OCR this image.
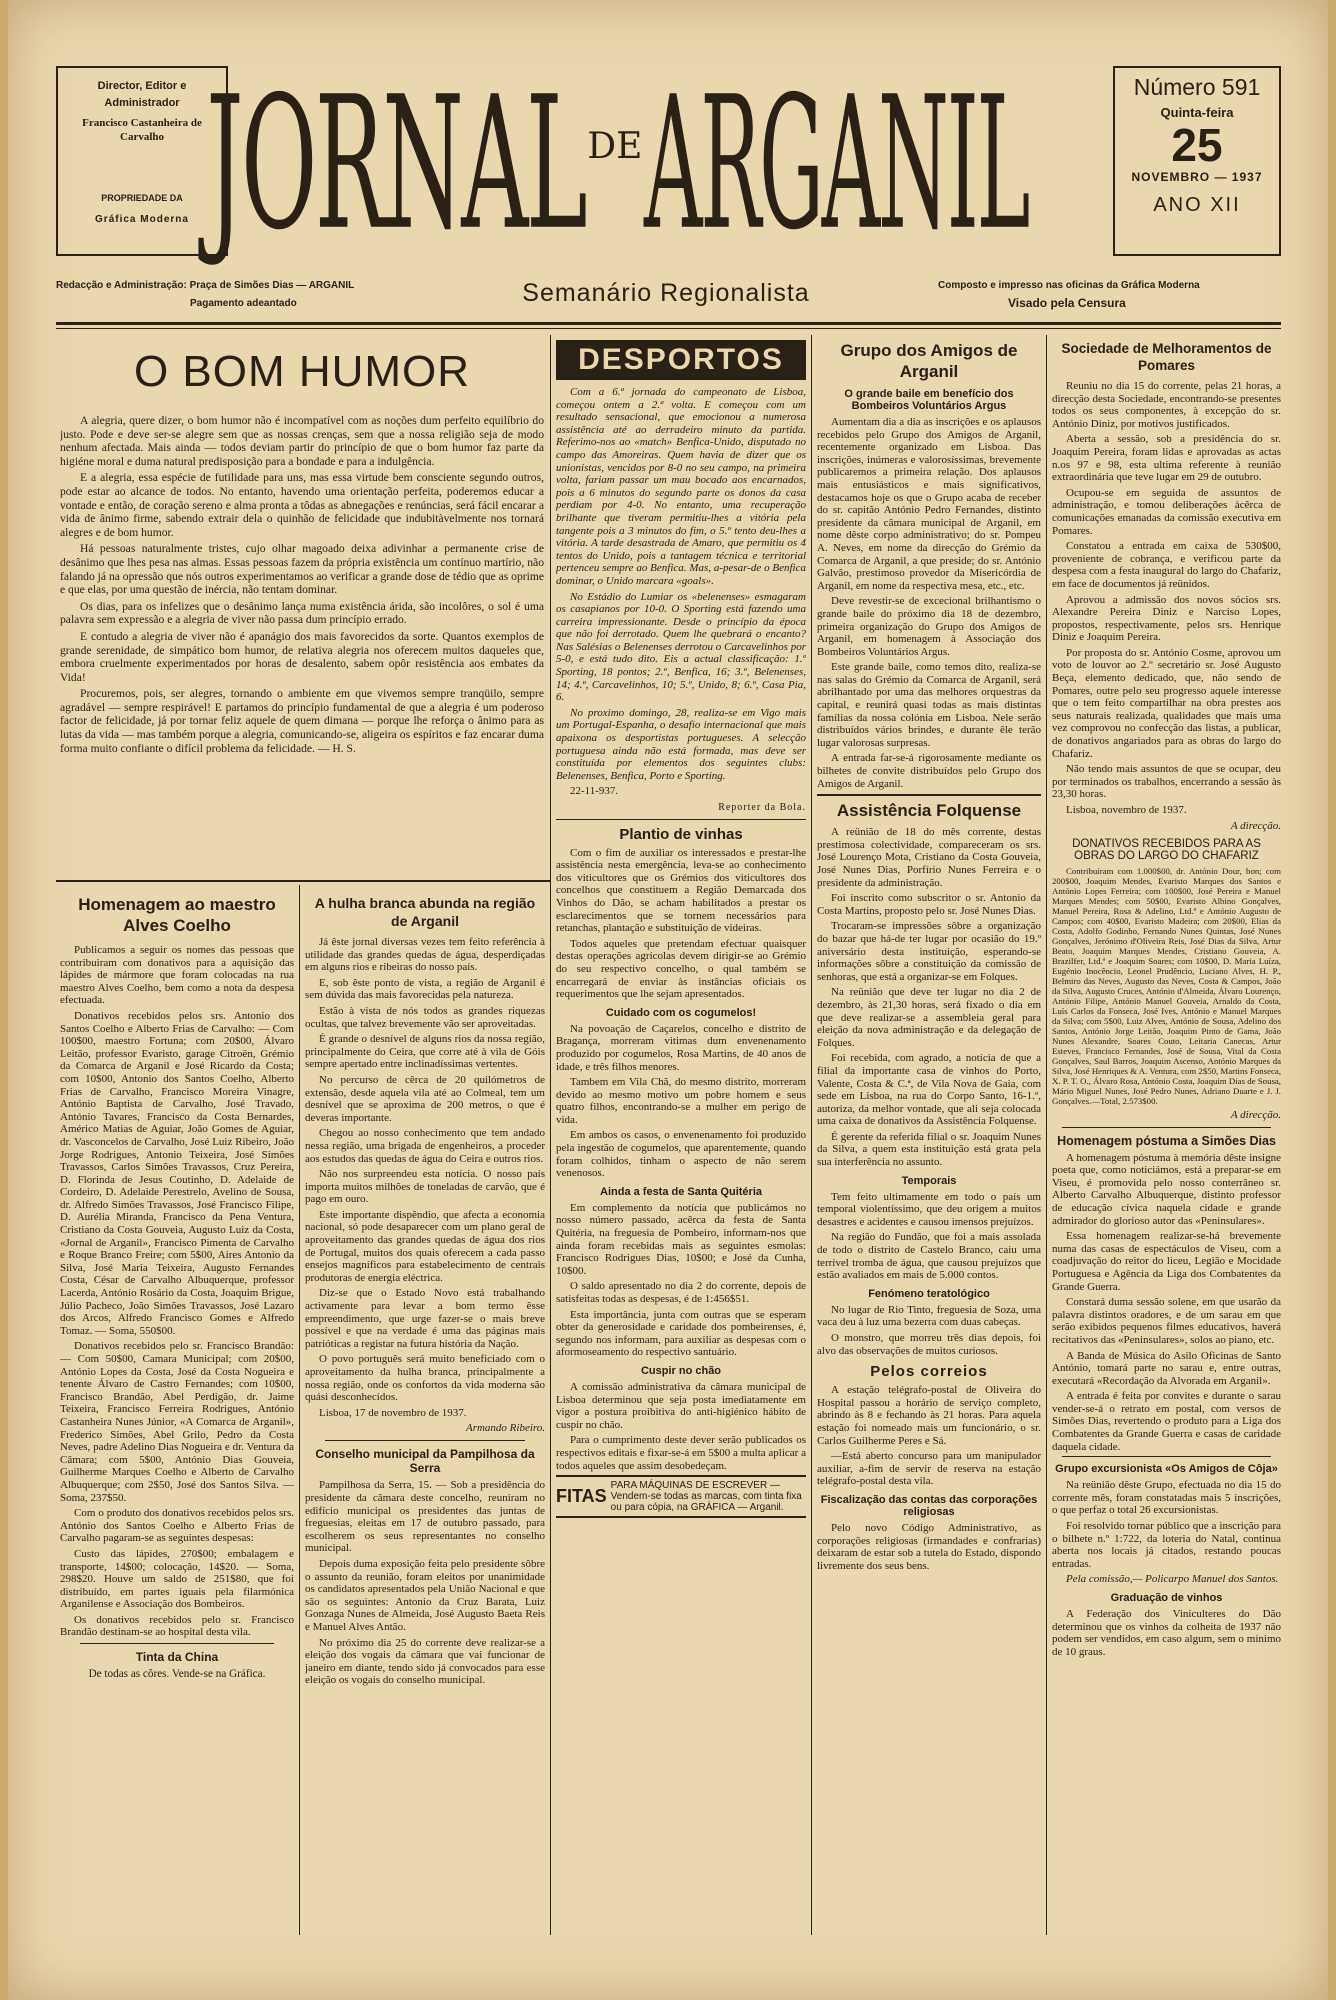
Director, Editor e Administrador
Francisco Castanheira de Carvalho
PROPRIEDADE DA
Gráfica Moderna JORNAL DE ARGANIL	Número 591
Quinta-feira
25
NOVEMBRO — 1937
ANO XII
Redacção e Administração: Praça de Simões Dias — ARGANIL
Pagamento adeantado	Semanário Regionalista	Composto e impresso nas oficinas da Gráfica Moderna
Visado pela Censura
O BOM HUMOR

A alegria, quere dizer, o bom humor não é incompatível com as noções dum perfeito equilíbrio do justo. Pode e deve ser-se alegre sem que as nossas crenças, sem que a nossa religião seja de modo nenhum afectada. Mais ainda — todos deviam partir do princípio de que o bom humor faz parte da higiéne moral e duma natural predisposição para a bondade e para a indulgência.

E a alegria, essa espécie de futilidade para uns, mas essa virtude bem consciente segundo outros, pode estar ao alcance de todos. No entanto, havendo uma orientação perfeita, poderemos educar a vontade e então, de coração sereno e alma pronta a tôdas as abnegações e renúncias, será fácil encarar a vida de ânimo firme, sabendo extrair dela o quinhão de felicidade que indubitàvelmente nos tornará alegres e de bom humor.

Há pessoas naturalmente tristes, cujo olhar magoado deixa adivinhar a permanente crise de desânimo que lhes pesa nas almas. Essas pessoas fazem da própria existência um contínuo martírio, não falando já na opressão que nós outros experimentamos ao verificar a grande dose de tédio que as oprime e que elas, por uma questão de inércia, não tentam dominar.

Os dias, para os infelizes que o desânimo lança numa existência árida, são incolôres, o sol é uma palavra sem expressão e a alegria de viver não passa dum princípio errado.

E contudo a alegria de viver não é apanágio dos mais favorecidos da sorte. Quantos exemplos de grande serenidade, de simpático bom humor, de relativa alegria nos oferecem muitos daqueles que, embora cruelmente experimentados por horas de desalento, sabem opôr resistência aos embates da Vida!

Procuremos, pois, ser alegres, tornando o ambiente em que vivemos sempre tranqüilo, sempre agradável — sempre respirável! E partamos do princípio fundamental de que a alegria é um poderoso factor de felicidade, já por tornar feliz aquele de quem dimana — porque lhe reforça o ânimo para as lutas da vida — mas também porque a alegria, comunicando-se, aligeira os espíritos e faz encarar duma forma muito confiante o difícil problema da felicidade. — H. S.

Homenagem ao maestro Alves Coelho

Publicamos a seguir os nomes das pessoas que contribuiram com donativos para a aquisição das lápides de mármore que foram colocadas na rua maestro Alves Coelho, bem como a nota da despesa efectuada.

Donativos recebidos pelos srs. Antonio dos Santos Coelho e Alberto Frias de Carvalho: — Com 100$00, maestro Fortuna; com 20$00, Álvaro Leitão, professor Evaristo, garage Citroën, Grémio da Comarca de Arganil e José Ricardo da Costa; com 10$00, Antonio dos Santos Coelho, Alberto Frias de Carvalho, Francisco Moreira Vinagre, António Baptista de Carvalho, José Travado, António Tavares, Francisco da Costa Bernardes, Américo Matias de Aguiar, João Gomes de Aguiar, dr. Vasconcelos de Carvalho, José Luiz Ribeiro, João Jorge Rodrigues, Antonio Teixeira, José Simões Travassos, Carlos Simões Travassos, Cruz Pereira, D. Florinda de Jesus Coutinho, D. Adelaide de Cordeiro, D. Adelaide Perestrelo, Avelino de Sousa, dr. Alfredo Simões Travassos, José Francisco Filipe, D. Aurélia Miranda, Francisco da Pena Ventura, Cristiano da Costa Gouveia, Augusto Luiz da Costa, «Jornal de Arganil», Francisco Pimenta de Carvalho e Roque Branco Freire; com 5$00, Aires Antonio da Silva, José Maria Teixeira, Augusto Fernandes Costa, César de Carvalho Albuquerque, professor Lacerda, António Rosário da Costa, Joaquim Brigue, Júlio Pacheco, João Simões Travassos, José Lazaro dos Arcos, Alfredo Francisco Gomes e Alfredo Tomaz. — Soma, 550$00.

Donativos recebidos pelo sr. Francisco Brandão: — Com 50$00, Camara Municipal; com 20$00, António Lopes da Costa, José da Costa Nogueira e tenente Álvaro de Castro Fernandes; com 10$00, Francisco Brandão, Abel Perdigão, dr. Jaime Teixeira, Francisco Ferreira Rodrigues, António Castanheira Nunes Júnior, «A Comarca de Arganil», Frederico Simões, Abel Grilo, Pedro da Costa Neves, padre Adelino Dias Nogueira e dr. Ventura da Câmara; com 5$00, António Dias Gouveia, Guilherme Marques Coelho e Alberto de Carvalho Albuquerque; com 2$50, José dos Santos Silva. — Soma, 237$50.

Com o produto dos donativos recebidos pelos srs. António dos Santos Coelho e Alberto Frias de Carvalho pagaram-se as seguintes despesas:

Custo das lápides, 270$00; embalagem e transporte, 14$00; colocação, 14$20. — Soma, 298$20. Houve um saldo de 251$80, que foi distribuído, em partes iguais pela filarmónica Arganilense e Associação dos Bombeiros.

Os donativos recebidos pelo sr. Francisco Brandão destinam-se ao hospital desta vila.

Tinta da China
De todas as côres. Vende-se na Gráfica.
A hulha branca abunda na região de Arganil

Já êste jornal diversas vezes tem feito referência à utilidade das grandes quedas de água, desperdiçadas em alguns rios e ribeiras do nosso país.

E, sob êste ponto de vista, a região de Arganil é sem dúvida das mais favorecidas pela natureza.

Estão à vista de nós todos as grandes riquezas ocultas, que talvez brevemente vão ser aproveitadas.

É grande o desnível de alguns rios da nossa região, principalmente do Ceira, que corre até à vila de Góis sempre apertado entre inclinadíssimas vertentes.

No percurso de cêrca de 20 quilómetros de extensão, desde aquela vila até ao Colmeal, tem um desnível que se aproxima de 200 metros, o que é deveras importante.

Chegou ao nosso conhecimento que tem andado nessa região, uma brigada de engenheiros, a proceder aos estudos das quedas de água do Ceira e outros rios.

Não nos surpreendeu esta notícia. O nosso país importa muitos milhões de toneladas de carvão, que é pago em ouro.

Este importante dispêndio, que afecta a economia nacional, só pode desaparecer com um plano geral de aproveitamento das grandes quedas de água dos rios de Portugal, muitos dos quais oferecem a cada passo ensejos magníficos para estabelecimento de centrais produtoras de energia eléctrica.

Diz-se que o Estado Novo está trabalhando activamente para levar a bom termo êsse empreendimento, que urge fazer-se o mais breve possível e que na verdade é uma das páginas mais patrióticas a registar na futura história da Nação.

O povo português será muito beneficiado com o aproveitamento da hulha branca, principalmente a nossa região, onde os confortos da vida moderna são quási desconhecidos.

Lisboa, 17 de novembro de 1937.

Armando Ribeiro.
Conselho municipal da Pampilhosa da Serra

Pampilhosa da Serra, 15. — Sob a presidência do presidente da câmara deste concelho, reuniram no edifício municipal os presidentes das juntas de freguesias, eleitas em 17 de outubro passado, para escolherem os seus representantes no conselho municipal.

Depois duma exposição feita pelo presidente sôbre o assunto da reunião, foram eleitos por unanimidade os candidatos apresentados pela União Nacional e que são os seguintes: Antonio da Cruz Barata, Luiz Gonzaga Nunes de Almeida, José Augusto Baeta Reis e Manuel Alves Antão.

No próximo dia 25 do corrente deve realizar-se a eleição dos vogais da câmara que vai funcionar de janeiro em diante, tendo sido já convocados para esse eleição os vogais do conselho municipal.

DESPORTOS

Com a 6.ª jornada do campeonato de Lisboa, começou ontem a 2.ª volta. E começou com um resultado sensacional, que emocionou a numerosa assistência até ao derradeiro minuto da partida. Referimo-nos ao «match» Benfica-Unido, disputado no campo das Amoreiras. Quem havia de dizer que os unionistas, vencidos por 8-0 no seu campo, na primeira volta, fariam passar um mau bocado aos encarnados, pois a 6 minutos do segundo parte os donos da casa perdiam por 4-0. No entanto, uma recuperação brilhante que tiveram permitiu-lhes a vitória pela tangente pois a 3 minutos do fim, o 5.º tento deu-lhes a vitória. A tarde desastrada de Amaro, que permitiu os 4 tentos do Unido, pois a tantagem técnica e territorial pertenceu sempre ao Benfica. Mas, a-pesar-de o Benfica dominar, o Unido marcara «goals».

No Estádio do Lumiar os «belenenses» esmagaram os casapianos por 10-0. O Sporting está fazendo uma carreira impressionante. Desde o princípio da época que não foi derrotado. Quem lhe quebrará o encanto? Nas Salésias o Belenenses derrotou o Carcavelinhos por 5-0, e está tudo dito. Eis a actual classificação: 1.º Sporting, 18 pontos; 2.º, Benfica, 16; 3.º, Belenenses, 14; 4.º, Carcavelinhos, 10; 5.º, Unido, 8; 6.º, Casa Pia, 6.

No proximo domingo, 28, realiza-se em Vigo mais um Portugal-Espanha, o desafio internacional que mais apaixona os desportistas portugueses. A selecção portuguesa ainda não está formada, mas deve ser constituída por elementos dos seguintes clubs: Belenenses, Benfica, Porto e Sporting.

22-11-937.
Reporter da Bola.
Plantio de vinhas

Com o fim de auxiliar os interessados e prestar-lhe assistência nesta emergência, leva-se ao conhecimento dos viticultores que os Grémios dos viticultores dos concelhos que constituem a Região Demarcada dos Vinhos do Dão, se acham habilitados a prestar os esclarecimentos que se tornem necessários para retanchas, plantação e substituição de videiras.

Todos aqueles que pretendam efectuar quaisquer destas operações agrícolas devem dirigir-se ao Grémio do seu respectivo concelho, o qual também se encarregará de enviar às instâncias oficiais os requerimentos que lhe sejam apresentados.

Cuidado com os cogumelos!

Na povoação de Caçarelos, concelho e distrito de Bragança, morreram vitimas dum envenenamento produzido por cogumelos, Rosa Martins, de 40 anos de idade, e três filhos menores.

Tambem em Vila Chã, do mesmo distrito, morreram devido ao mesmo motivo um pobre homem e seus quatro filhos, encontrando-se a mulher em perigo de vida.

Em ambos os casos, o envenenamento foi produzido pela ingestão de cogumelos, que aparentemente, quando foram colhidos, tinham o aspecto de não serem venenosos.

Ainda a festa de Santa Quitéria

Em complemento da notícia que publicámos no nosso número passado, acêrca da festa de Santa Quitéria, na freguesia de Pombeiro, informam-nos que ainda foram recebidas mais as seguintes esmolas: Francisco Rodrigues Dias, 10$00; e José da Cunha, 10$00.

O saldo apresentado no dia 2 do corrente, depois de satisfeitas todas as despesas, é de 1:456$51.

Esta importância, junta com outras que se esperam obter da generosidade e caridade dos pombeirenses, é, segundo nos informam, para auxiliar as despesas com o aformoseamento do respectivo santuário.

Cuspir no chão

A comissão administrativa da câmara municipal de Lisboa determinou que seja posta imediatamente em vigor a postura proibitiva do anti-higiénico hábito de cuspir no chão.

Para o cumprimento deste dever serão publicados os respectivos editais e fixar-se-á em 5$00 a multa aplicar a todos aqueles que assim desobedeçam.

FITAS
PARA MÁQUINAS DE ESCREVER — Vendem-se todas as marcas, com tinta fixa ou para cópia, na GRÁFICA — Arganil.
Grupo dos Amigos de Arganil
O grande baile em benefício dos Bombeiros Voluntários Argus

Aumentam dia a dia as inscrições e os aplausos recebidos pelo Grupo dos Amigos de Arganil, recentemente organizado em Lisboa. Das inscrições, inúmeras e valorosíssimas, brevemente publicaremos a primeira relação. Dos aplausos mais entusiásticos e mais significativos, destacamos hoje os que o Grupo acaba de receber do sr. capitão António Pedro Fernandes, distinto presidente da câmara municipal de Arganil, em nome dêste corpo administrativo; do sr. Pompeu A. Neves, em nome da direcção do Grémio da Comarca de Arganil, a que preside; do sr. António Galvão, prestimoso provedor da Misericórdia de Arganil, em nome da respectiva mesa, etc., etc.

Deve revestir-se de excecional brilhantismo o grande baile do próximo dia 18 de dezembro, primeira organização do Grupo dos Amigos de Arganil, em homenagem à Associação dos Bombeiros Voluntários Argus.

Este grande baile, como temos dito, realiza-se nas salas do Grémio da Comarca de Arganil, será abrilhantado por uma das melhores orquestras da capital, e reunirá quasi todas as mais distintas famílias da nossa colónia em Lisboa. Nele serão distribuídos vários brindes, e durante êle terão lugar valorosas surpresas.

A entrada far-se-á rigorosamente mediante os bilhetes de convite distribuídos pelo Grupo dos Amigos de Arganil.

Assistência Folquense

A reünião de 18 do mês corrente, destas prestimosa colectividade, compareceram os srs. José Lourenço Mota, Cristiano da Costa Gouveia, José Nunes Dias, Porfírio Nunes Ferreira e o presidente da administração.

Foi inscrito como subscritor o sr. Antonio da Costa Martins, proposto pelo sr. José Nunes Dias.

Trocaram-se impressões sôbre a organização do bazar que há-de ter lugar por ocasião do 19.º aniversário desta instituição, esperando-se informações sôbre a constituição da comissão de senhoras, que está a organizar-se em Folques.

Na reünião que deve ter lugar no dia 2 de dezembro, às 21,30 horas, será fixado o dia em que deve realizar-se a assembleia geral para eleição da nova administração e da delegação de Folques.

Foi recebida, com agrado, a notícia de que a filial da importante casa de vinhos do Porto, Valente, Costa & C.ª, de Vila Nova de Gaia, com sede em Lisboa, na rua do Corpo Santo, 16-1.º, autoriza, da melhor vontade, que ali seja colocada uma caixa de donativos da Assistência Folquense.

É gerente da referida filial o sr. Joaquim Nunes da Silva, a quem esta instituição está grata pela sua interferência no assunto.

Temporais

Tem feito ultimamente em todo o país um temporal violentíssimo, que deu origem a muitos desastres e acidentes e causou imensos prejuízos.

Na região do Fundão, que foi a mais assolada de todo o distrito de Castelo Branco, caiu uma terrível tromba de água, que causou prejuízos que estão avaliados em mais de 5.000 contos.

Fenómeno teratológico

No lugar de Rio Tinto, freguesia de Soza, uma vaca deu à luz uma bezerra com duas cabeças.

O monstro, que morreu três dias depois, foi alvo das observações de muitos curiosos.

Pelos correios

A estação telégrafo-postal de Oliveira do Hospital passou a horário de serviço completo, abrindo às 8 e fechando às 21 horas. Para aquela estação foi nomeado mais um funcionário, o sr. Carlos Guilherme Peres e Sá.

—Está aberto concurso para um manipulador auxiliar, a-fim de servir de reserva na estação telégrafo-postal desta vila.

Fiscalização das contas das corporações religiosas

Pelo novo Código Administrativo, as corporações religiosas (irmandades e confrarias) deixaram de estar sob a tutela do Estado, dispondo livremente dos seus bens.

Sociedade de Melhoramentos de Pomares

Reuniu no dia 15 do corrente, pelas 21 horas, a direcção desta Sociedade, encontrando-se presentes todos os seus componentes, à excepção do sr. António Diniz, por motivos justificados.

Aberta a sessão, sob a presidência do sr. Joaquim Pereira, foram lidas e aprovadas as actas n.os 97 e 98, esta ultima referente à reunião extraordinária que teve lugar em 29 de outubro.

Ocupou-se em seguida de assuntos de administração, e tomou deliberações àcêrca de comunicações emanadas da comissão executiva em Pomares.

Constatou a entrada em caixa de 530$00, proveniente de cobrança, e verificou parte da despesa com a festa inaugural do largo do Chafariz, em face de documentos já reünidos.

Aprovou a admissão dos novos sócios srs. Alexandre Pereira Diniz e Narciso Lopes, propostos, respectivamente, pelos srs. Henrique Diniz e Joaquim Pereira.

Por proposta do sr. António Cosme, aprovou um voto de louvor ao 2.º secretário sr. José Augusto Beça, elemento dedicado, que, não sendo de Pomares, outre pelo seu progresso aquele interesse que o tem feito compartilhar na obra prestes aos seus naturais realizada, qualidades que mais uma vez comprovou no confecção das listas, a publicar, de donativos angariados para as obras do largo do Chafariz.

Não tendo mais assuntos de que se ocupar, deu por terminados os trabalhos, encerrando a sessão às 23,30 horas.

Lisboa, novembro de 1937.

A direcção.
DONATIVOS RECEBIDOS PARA AS OBRAS DO LARGO DO CHAFARIZ

Contribuíram com 1.000$00, dr. António Dour, bon; com 200$00, Joaquim Mendes, Evaristo Marques dos Santos e António Lopes Ferreira; com 100$00, José Pereira e Manuel Marques Mendes; com 50$00, Evaristo Albino Gonçalves, Manuel Pereira, Rosa & Adelino, Ltd.ª e António Augusto de Campos; com 40$00, Evaristo Madeira; com 20$00, Elias da Costa, Adolfo Godinho, Fernando Nunes Quintas, José Nunes Gonçalves, Jerónimo d'Oliveira Reis, José Dias da Silva, Artur Beato, Joaquim Marques Mendes, Cristiano Gouveia, A. Brazilfer, Ltd.ª e Joaquim Soares; com 10$00, D. Maria Luíza, Eugénio Inocêncio, Leonel Prudêncio, Luciano Alves, H. P., Belmiro das Neves, Augusto das Neves, Costa & Campos, João da Silva, Augusto Cruces, António d'Almeida, Álvaro Lourenço, António Filipe, António Manuel Gouveia, Arnaldo da Costa, Luís Carlos da Fonseca, José Ives, António e Manuel Marques da Silva; com 5$00, Luiz Alves, António de Sousa, Adelino dos Santos, António Jorge Leitão, Joaquim Pinto de Gama, João Nunes Alexandre, Soares Couto, Leitaria Canecas, Artur Esteves, Francisco Fernandes, José de Sousa, Vital da Costa Gonçalves, Saul Barros, Joaquim Ascenso, António Marques da Silva, José Henriques & A. Ventura, com 2$50, Martins Fonseca, X. P. T. O., Álvaro Rosa, António Costa, Joaquim Dias de Sousa, Mário Miguel Nunes, José Pedro Nunes, Adriano Duarte e J. J. Gonçalves.—Total, 2.573$00.

A direcção.
Homenagem póstuma a Simões Dias

A homenagem póstuma à memória dêste insigne poeta que, como noticiámos, está a preparar-se em Viseu, é promovida pelo nosso conterrâneo sr. Alberto Carvalho Albuquerque, distinto professor de educação cívica naquela cidade e grande admirador do glorioso autor das «Peninsulares».

Essa homenagem realizar-se-há brevemente numa das casas de espectáculos de Viseu, com a coadjuvação do reitor do liceu, Legião e Mocidade Portuguesa e Agência da Liga dos Combatentes da Grande Guerra.

Constará duma sessão solene, em que usarão da palavra distintos oradores, e de um sarau em que serão exibidos pequenos filmes educativos, haverá recitativos das «Peninsulares», solos ao piano, etc.

A Banda de Música do Asilo Oficinas de Santo António, tomará parte no sarau e, entre outras, executará «Recordação da Alvorada em Arganil».

A entrada é feita por convites e durante o sarau vender-se-á o retrato em postal, com versos de Simões Dias, revertendo o produto para a Liga dos Combatentes da Grande Guerra e casas de caridade daquela cidade.

Grupo excursionista «Os Amigos de Côja»

Na reünião dêste Grupo, efectuada no dia 15 do corrente mês, foram constatadas mais 5 inscrições, o que perfaz o total 26 excursionistas.

Foi resolvido tornar público que a inscrição para o bilhete n.º 1:722, da loteria do Natal, continua aberta nos locais já citados, restando poucas entradas.

Pela comissão,— Policarpo Manuel dos Santos.

Graduação de vinhos

A Federação dos Viniculteres do Dão determinou que os vinhos da colheita de 1937 não podem ser vendidos, em caso algum, sem o mínimo de 10 graus.
